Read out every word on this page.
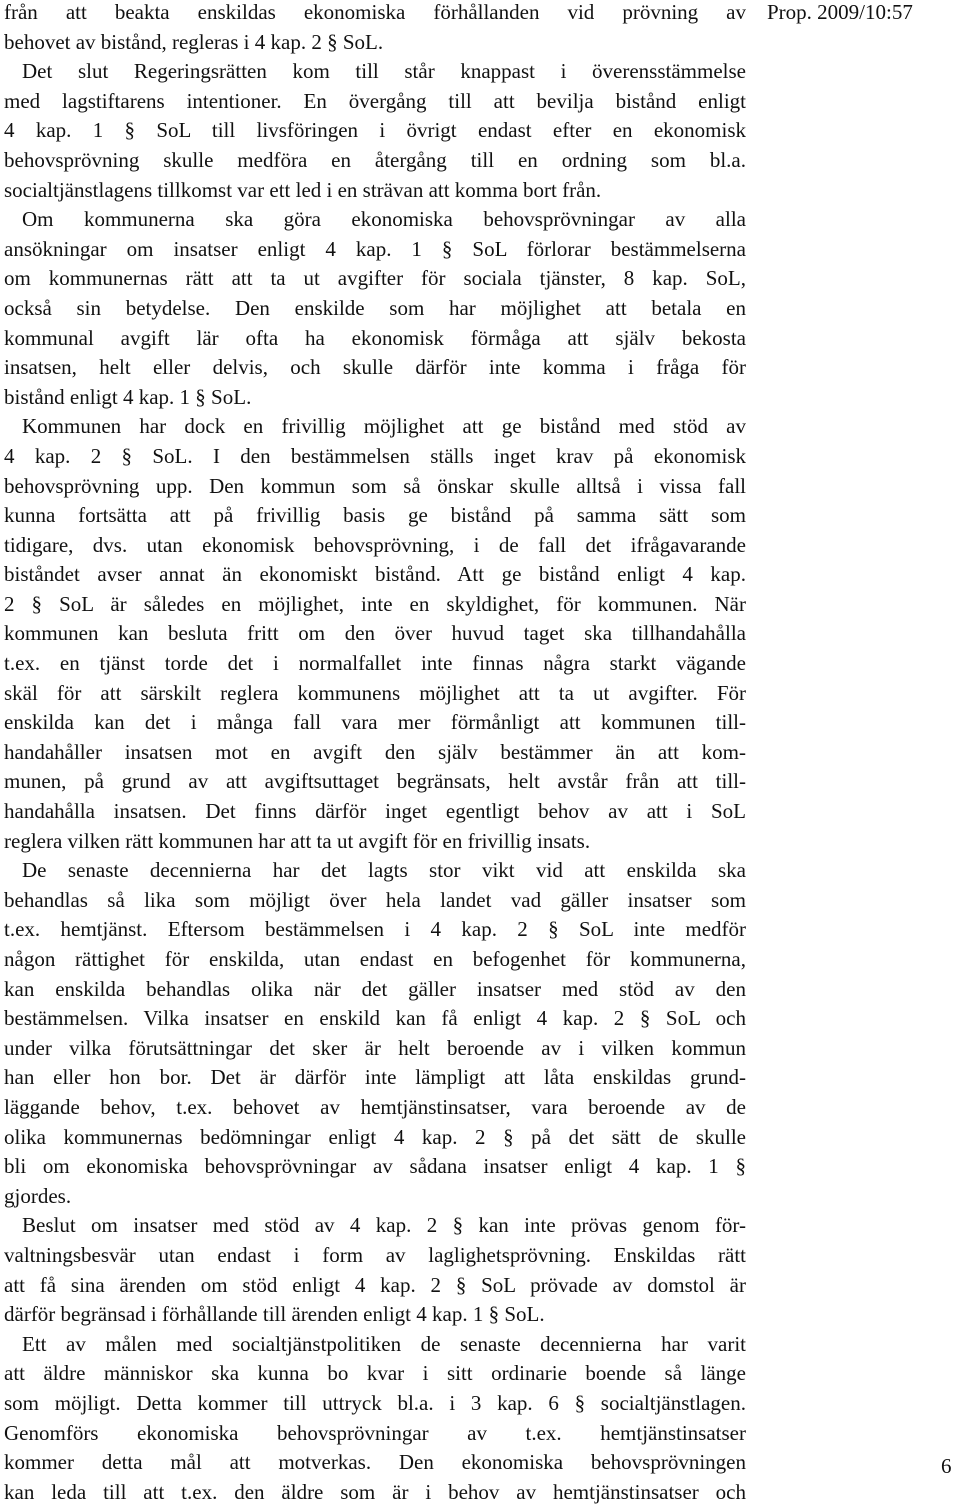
från att beakta enskildas ekonomiska förhållanden vid prövning av
behovet av bistånd, regleras i 4 kap. 2 § SoL.
Det slut Regeringsrätten kom till står knappast i överensstämmelse
med lagstiftarens intentioner. En övergång till att bevilja bistånd enligt
4 kap. 1 § SoL till livsföringen i övrigt endast efter en ekonomisk
behovsprövning skulle medföra en återgång till en ordning som bl.a.
socialtjänstlagens tillkomst var ett led i en strävan att komma bort från.
Om kommunerna ska göra ekonomiska behovsprövningar av alla
ansökningar om insatser enligt 4 kap. 1 § SoL förlorar bestämmelserna
om kommunernas rätt att ta ut avgifter för sociala tjänster, 8 kap. SoL,
också sin betydelse. Den enskilde som har möjlighet att betala en
kommunal avgift lär ofta ha ekonomisk förmåga att själv bekosta
insatsen, helt eller delvis, och skulle därför inte komma i fråga för
bistånd enligt 4 kap. 1 § SoL.
Kommunen har dock en frivillig möjlighet att ge bistånd med stöd av
4 kap. 2 § SoL. I den bestämmelsen ställs inget krav på ekonomisk
behovsprövning upp. Den kommun som så önskar skulle alltså i vissa fall
kunna fortsätta att på frivillig basis ge bistånd på samma sätt som
tidigare, dvs. utan ekonomisk behovsprövning, i de fall det ifrågavarande
biståndet avser annat än ekonomiskt bistånd. Att ge bistånd enligt 4 kap.
2 § SoL är således en möjlighet, inte en skyldighet, för kommunen. När
kommunen kan besluta fritt om den över huvud taget ska tillhandahålla
t.ex. en tjänst torde det i normalfallet inte finnas några starkt vägande
skäl för att särskilt reglera kommunens möjlighet att ta ut avgifter. För
enskilda kan det i många fall vara mer förmånligt att kommunen till-
handahåller insatsen mot en avgift den själv bestämmer än att kom-
munen, på grund av att avgiftsuttaget begränsats, helt avstår från att till-
handahålla insatsen. Det finns därför inget egentligt behov av att i SoL
reglera vilken rätt kommunen har att ta ut avgift för en frivillig insats.
De senaste decennierna har det lagts stor vikt vid att enskilda ska
behandlas så lika som möjligt över hela landet vad gäller insatser som
t.ex. hemtjänst. Eftersom bestämmelsen i 4 kap. 2 § SoL inte medför
någon rättighet för enskilda, utan endast en befogenhet för kommunerna,
kan enskilda behandlas olika när det gäller insatser med stöd av den
bestämmelsen. Vilka insatser en enskild kan få enligt 4 kap. 2 § SoL och
under vilka förutsättningar det sker är helt beroende av i vilken kommun
han eller hon bor. Det är därför inte lämpligt att låta enskildas grund-
läggande behov, t.ex. behovet av hemtjänstinsatser, vara beroende av de
olika kommunernas bedömningar enligt 4 kap. 2 § på det sätt de skulle
bli om ekonomiska behovsprövningar av sådana insatser enligt 4 kap. 1 §
gjordes.
Beslut om insatser med stöd av 4 kap. 2 § kan inte prövas genom för-
valtningsbesvär utan endast i form av laglighetsprövning. Enskildas rätt
att få sina ärenden om stöd enligt 4 kap. 2 § SoL prövade av domstol är
därför begränsad i förhållande till ärenden enligt 4 kap. 1 § SoL.
Ett av målen med socialtjänstpolitiken de senaste decennierna har varit
att äldre människor ska kunna bo kvar i sitt ordinarie boende så länge
som möjligt. Detta kommer till uttryck bl.a. i 3 kap. 6 § socialtjänstlagen.
Genomförs ekonomiska behovsprövningar av t.ex. hemtjänstinsatser
kommer detta mål att motverkas. Den ekonomiska behovsprövningen
kan leda till att t.ex. den äldre som är i behov av hemtjänstinsatser och
Prop. 2009/10:57
6
